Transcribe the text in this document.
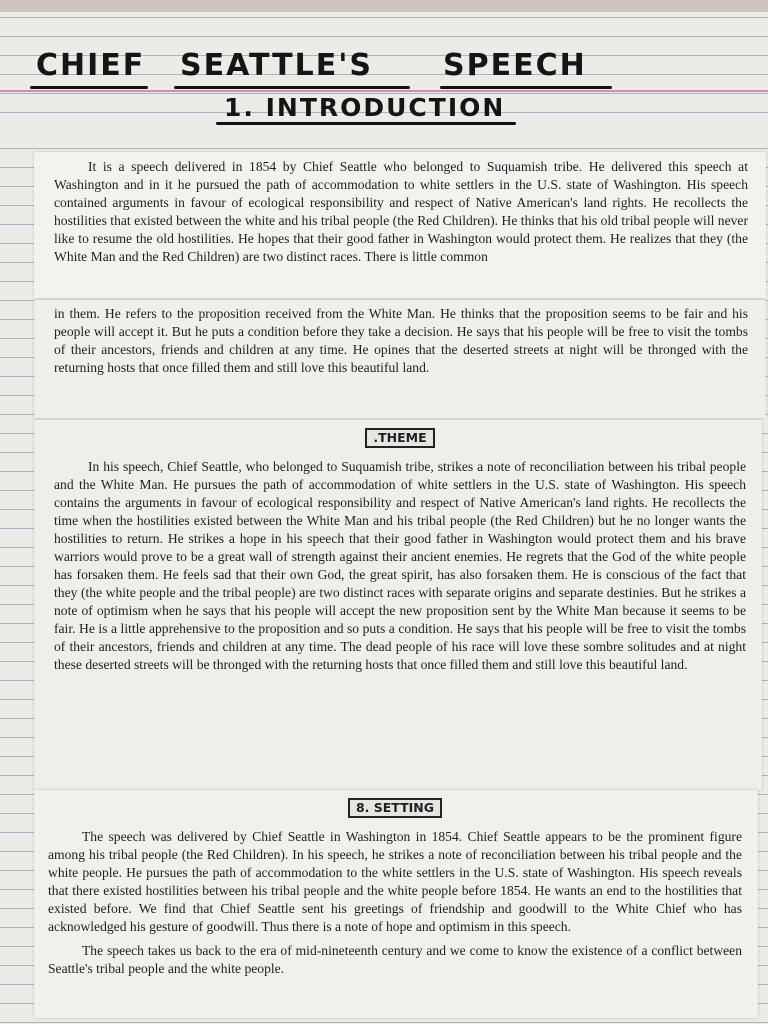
CHIEF SEATTLE'S SPEECH
1. INTRODUCTION

It is a speech delivered in 1854 by Chief Seattle who belonged to Suquamish tribe. He delivered this speech at Washington and in it he pursued the path of accommodation to white settlers in the U.S. state of Washington. His speech contained arguments in favour of ecological responsibility and respect of Native American's land rights. He recollects the hostilities that existed between the white and his tribal people (the Red Children). He thinks that his old tribal people will never like to resume the old hostilities. He hopes that their good father in Washington would protect them. He realizes that they (the White Man and the Red Children) are two distinct races. There is little common

in them. He refers to the proposition received from the White Man. He thinks that the proposition seems to be fair and his people will accept it. But he puts a condition before they take a decision. He says that his people will be free to visit the tombs of their ancestors, friends and children at any time. He opines that the deserted streets at night will be thronged with the returning hosts that once filled them and still love this beautiful land.

.THEME

In his speech, Chief Seattle, who belonged to Suquamish tribe, strikes a note of reconciliation between his tribal people and the White Man. He pursues the path of accommodation of white settlers in the U.S. state of Washington. His speech contains the arguments in favour of ecological responsibility and respect of Native American's land rights. He recollects the time when the hostilities existed between the White Man and his tribal people (the Red Children) but he no longer wants the hostilities to return. He strikes a hope in his speech that their good father in Washington would protect them and his brave warriors would prove to be a great wall of strength against their ancient enemies. He regrets that the God of the white people has forsaken them. He feels sad that their own God, the great spirit, has also forsaken them. He is conscious of the fact that they (the white people and the tribal people) are two distinct races with separate origins and separate destinies. But he strikes a note of optimism when he says that his people will accept the new proposition sent by the White Man because it seems to be fair. He is a little apprehensive to the proposition and so puts a condition. He says that his people will be free to visit the tombs of their ancestors, friends and children at any time. The dead people of his race will love these sombre solitudes and at night these deserted streets will be thronged with the returning hosts that once filled them and still love this beautiful land.

8. SETTING

The speech was delivered by Chief Seattle in Washington in 1854. Chief Seattle appears to be the prominent figure among his tribal people (the Red Children). In his speech, he strikes a note of reconciliation between his tribal people and the white people. He pursues the path of accommodation to the white settlers in the U.S. state of Washington. His speech reveals that there existed hostilities between his tribal people and the white people before 1854. He wants an end to the hostilities that existed before. We find that Chief Seattle sent his greetings of friendship and goodwill to the White Chief who has acknowledged his gesture of goodwill. Thus there is a note of hope and optimism in this speech.

The speech takes us back to the era of mid-nineteenth century and we come to know the existence of a conflict between Seattle's tribal people and the white people.
